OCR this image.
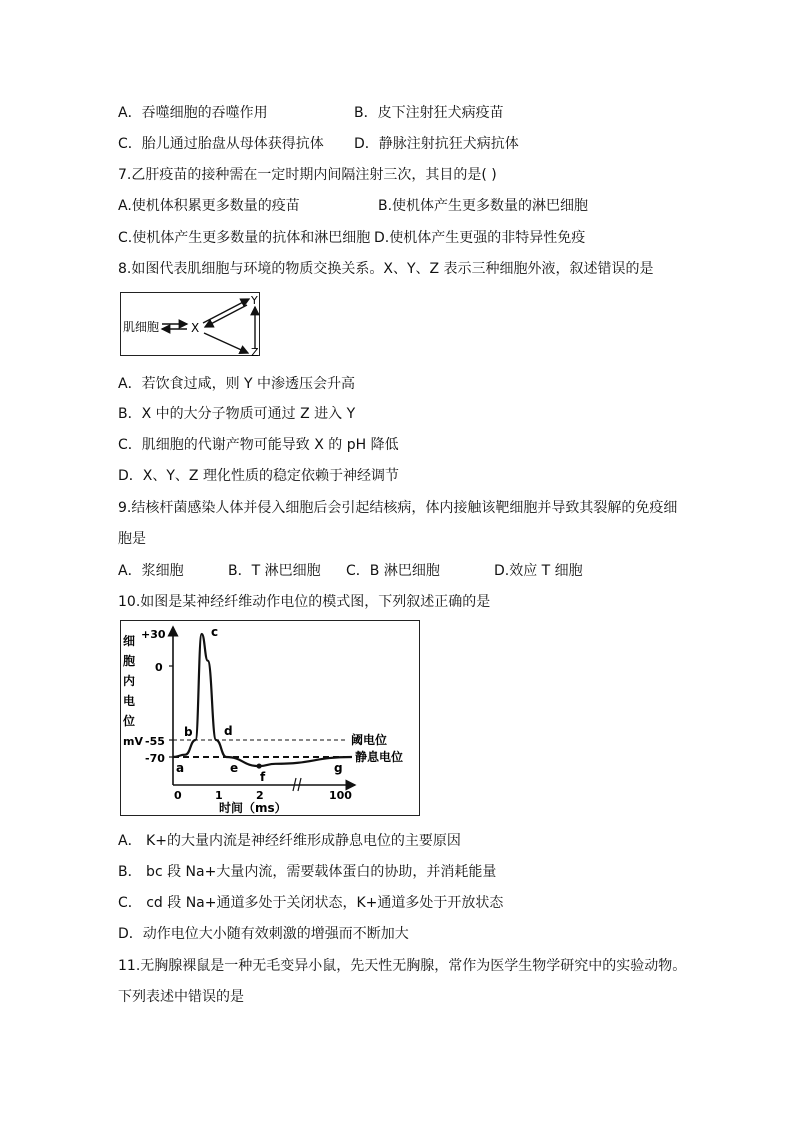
A．吞噬细胞的吞噬作用	B．皮下注射狂犬病疫苗
C．胎儿通过胎盘从母体获得抗体 D．静脉注射抗狂犬病抗体
7.乙肝疫苗的接种需在一定时期内间隔注射三次，其目的是( )
A.使机体积累更多数量的疫苗	B.使机体产生更多数量的淋巴细胞
C.使机体产生更多数量的抗体和淋巴细胞 D.使机体产生更强的非特异性免疫
8.如图代表肌细胞与环境的物质交换关系。X、Y、Z 表示三种细胞外液，叙述错误的是
肌细胞	X
Y
Z
A．若饮食过咸，则 Y 中渗透压会升高
B．X 中的大分子物质可通过 Z 进入 Y
C．肌细胞的代谢产物可能导致 X 的 pH 降低
D．X、Y、Z 理化性质的稳定依赖于神经调节
9.结核杆菌感染人体并侵入细胞后会引起结核病，体内接触该靶细胞并导致其裂解的免疫细
胞是
A．浆细胞	B．T 淋巴细胞 C．B 淋巴细胞	D.效应 T 细胞
10.如图是某神经纤维动作电位的模式图，下列叙述正确的是
细
胞
内
电
位
mV
+30
0
-55
-70
0	1	2	100
时间（ms）
阈电位
静息电位
a
b
c
d
e
f
g
A． K+的大量内流是神经纤维形成静息电位的主要原因
B． bc 段 Na+大量内流，需要载体蛋白的协助，并消耗能量
C． cd 段 Na+通道多处于关闭状态，K+通道多处于开放状态
D．动作电位大小随有效刺激的增强而不断加大
11.无胸腺裸鼠是一种无毛变异小鼠，先天性无胸腺，常作为医学生物学研究中的实验动物。
下列表述中错误的是
